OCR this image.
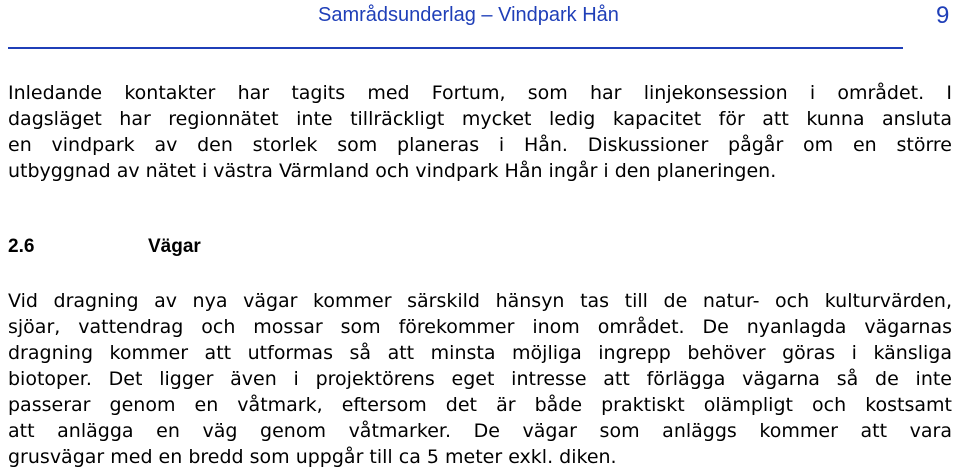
Samrådsunderlag – Vindpark Hån	9

Inledande kontakter har tagits med Fortum, som har linjekonsession i området. I
dagsläget har regionnätet inte tillräckligt mycket ledig kapacitet för att kunna ansluta
en vindpark av den storlek som planeras i Hån. Diskussioner pågår om en större
utbyggnad av nätet i västra Värmland och vindpark Hån ingår i den planeringen.

2.6	Vägar

Vid dragning av nya vägar kommer särskild hänsyn tas till de natur- och kulturvärden,
sjöar, vattendrag och mossar som förekommer inom området. De nyanlagda vägarnas
dragning kommer att utformas så att minsta möjliga ingrepp behöver göras i känsliga
biotoper. Det ligger även i projektörens eget intresse att förlägga vägarna så de inte
passerar genom en våtmark, eftersom det är både praktiskt olämpligt och kostsamt
att anlägga en väg genom våtmarker. De vägar som anläggs kommer att vara
grusvägar med en bredd som uppgår till ca 5 meter exkl. diken.
